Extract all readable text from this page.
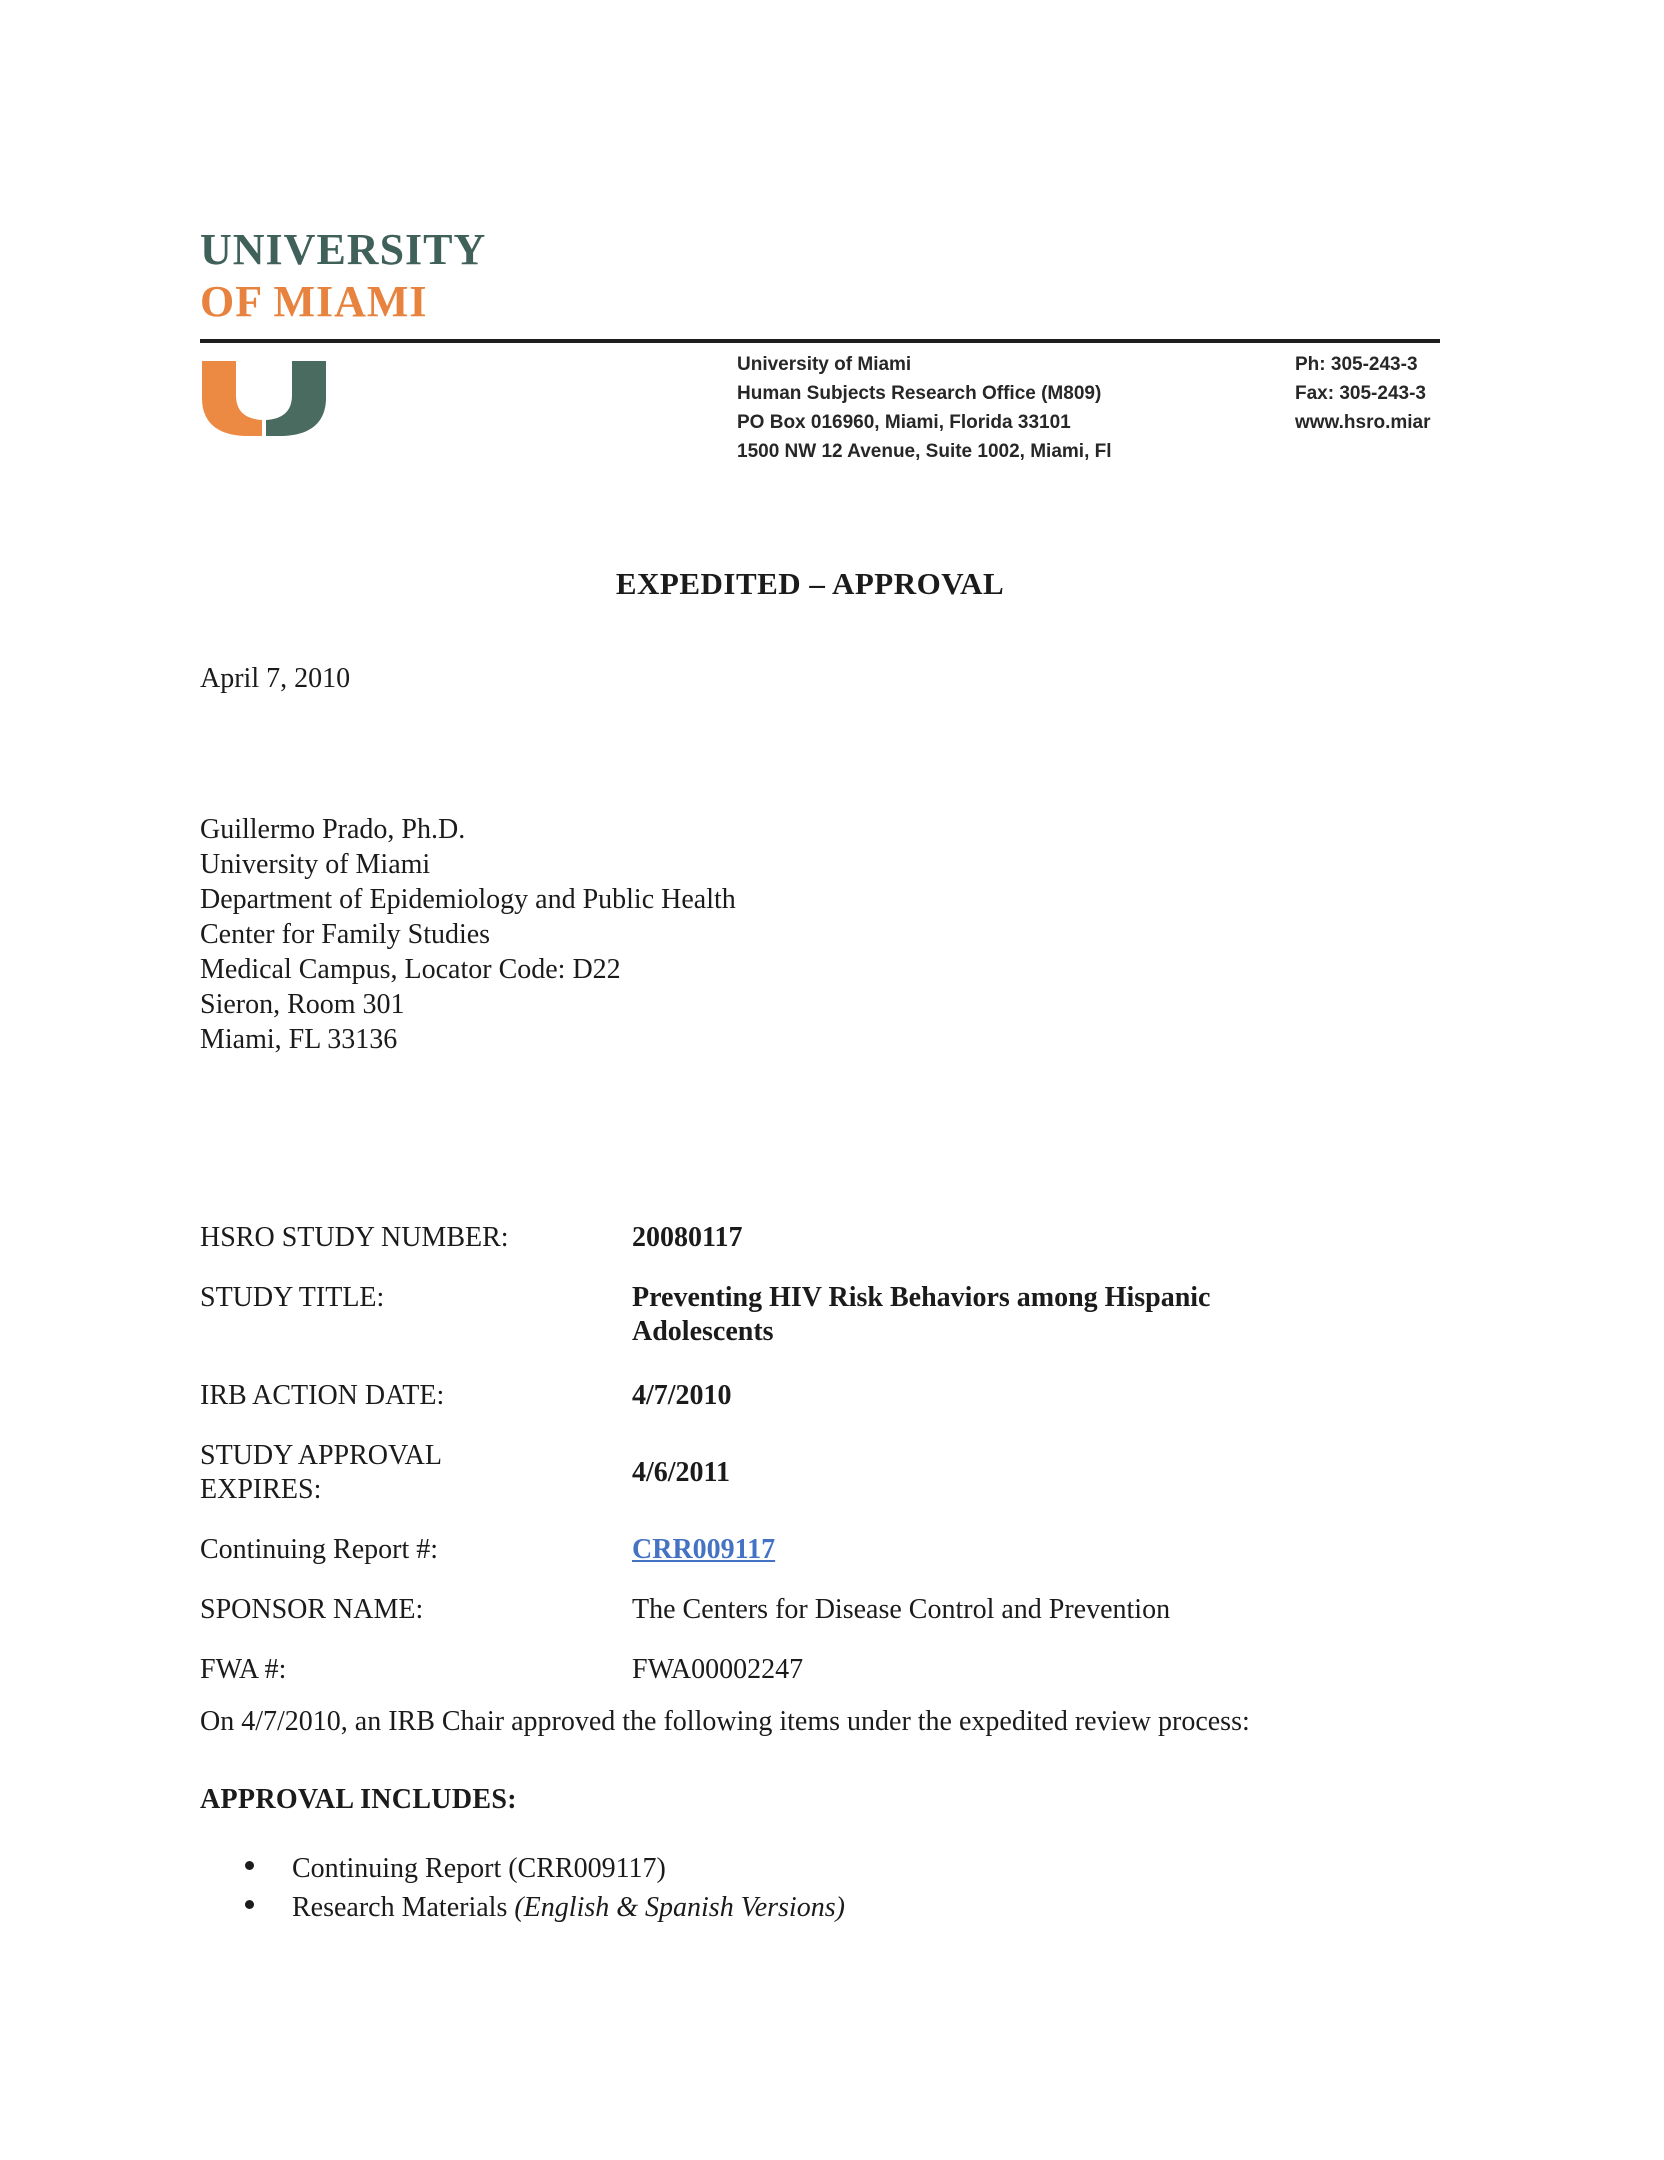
UNIVERSITY
OF MIAMI
University of Miami
Human Subjects Research Office (M809)
PO Box 016960, Miami, Florida 33101
1500 NW 12 Avenue, Suite 1002, Miami, Fl
Ph: 305-243-3
Fax: 305-243-3
www.hsro.miar
EXPEDITED – APPROVAL
April 7, 2010
Guillermo Prado, Ph.D.
University of Miami
Department of Epidemiology and Public Health
Center for Family Studies
Medical Campus, Locator Code: D22
Sieron, Room 301
Miami, FL 33136
HSRO STUDY NUMBER:	20080117
STUDY TITLE:	Preventing HIV Risk Behaviors among Hispanic
Adolescents
IRB ACTION DATE:	4/7/2010
STUDY APPROVAL
EXPIRES:
4/6/2011
Continuing Report #:	CRR009117
SPONSOR NAME:	The Centers for Disease Control and Prevention
FWA #:	FWA00002247
On 4/7/2010, an IRB Chair approved the following items under the expedited review process:
APPROVAL INCLUDES:
Continuing Report (CRR009117)
Research Materials (English & Spanish Versions)
